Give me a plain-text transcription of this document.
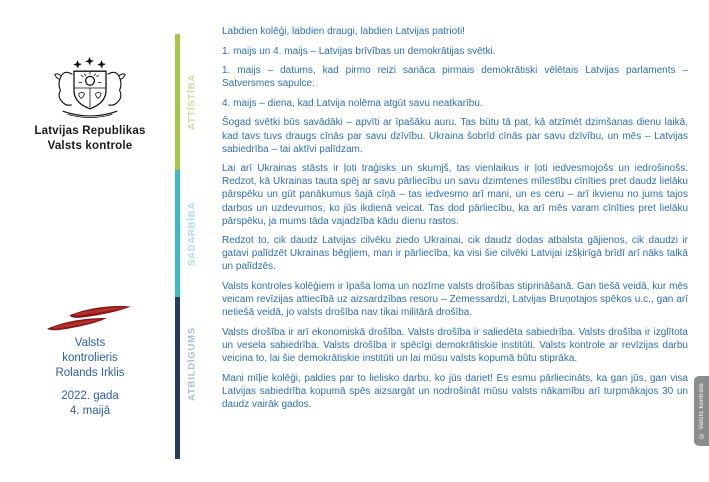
Latvijas Republikas
Valsts kontrole
ATTĪSTĪBA
SADARBĪBA
ATBILDĪGUMS

Labdien kolēģi, labdien draugi, labdien Latvijas patrioti!

1. maijs un 4. maijs – Latvijas brīvības un demokrātijas svētki.

1. maijs – datums, kad pirmo reizi sanāca pirmais demokrātiski vēlētais Latvijas parlaments – Satversmes sapulce.

4. maijs – diena, kad Latvija nolēma atgūt savu neatkarību.

Šogad svētki būs savādāki – apvīti ar īpašāku auru. Tas būtu tā pat, kā atzīmēt dzimšanas dienu laikā, kad tavs tuvs draugs cīnās par savu dzīvību. Ukraina šobrīd cīnās par savu dzīvību, un mēs – Latvijas sabiedrība – tai aktīvi palīdzam.

Lai arī Ukrainas stāsts ir ļoti traģisks un skumjš, tas vienlaikus ir ļoti iedvesmojošs un iedrošinošs. Redzot, kā Ukrainas tauta spēj ar savu pārliecību un savu dzimtenes mīlestību cīnīties pret daudz lielāku pārspēku un gūt panākumus šajā cīņā – tas iedvesmo arī mani, un es ceru – arī ikvienu no jums tajos darbos un uzdevumos, ko jūs ikdienā veicat. Tas dod pārliecību, ka arī mēs varam cīnīties pret lielāku pārspēku, ja mums tāda vajadzība kādu dienu rastos.

Redzot to, cik daudz Latvijas cilvēku ziedo Ukrainai, cik daudz dodas atbalsta gājienos, cik daudzi ir gatavi palīdzēt Ukrainas bēgļiem, man ir pārliecība, ka visi šie cilvēki Latvijai izšķirīgā brīdī arī nāks talkā un palīdzēs.

Valsts kontroles kolēģiem ir īpaša loma un nozīme valsts drošības stiprināšanā. Gan tiešā veidā, kur mēs veicam revīzijas attiecībā uz aizsardzības resoru – Zemessardzi, Latvijas Bruņotajos spēkos u.c., gan arī netiešā veidā, jo valsts drošība nav tikai militārā drošība.

Valsts drošība ir arī ekonomiskā drošība. Valsts drošība ir saliedēta sabiedrība. Valsts drošība ir izglītota un vesela sabiedrība. Valsts drošība ir spēcīgi demokrātiskie institūti. Valsts kontrole ar revīzijas darbu veicina to, lai šie demokrātiskie institūti un lai mūsu valsts kopumā būtu stiprāka.

Mani mīļie kolēģi, paldies par to lielisko darbu, ko jūs dariet! Es esmu pārliecināts, ka gan jūs, gan visa Latvijas sabiedrība kopumā spēs aizsargāt un nodrošināt mūsu valsts nākamību arī turpmākajos 30 un daudz vairāk gados.

Valsts
kontrolieris
Rolands Irklis
2022. gada
4. maijā	© Valsts kontrole
